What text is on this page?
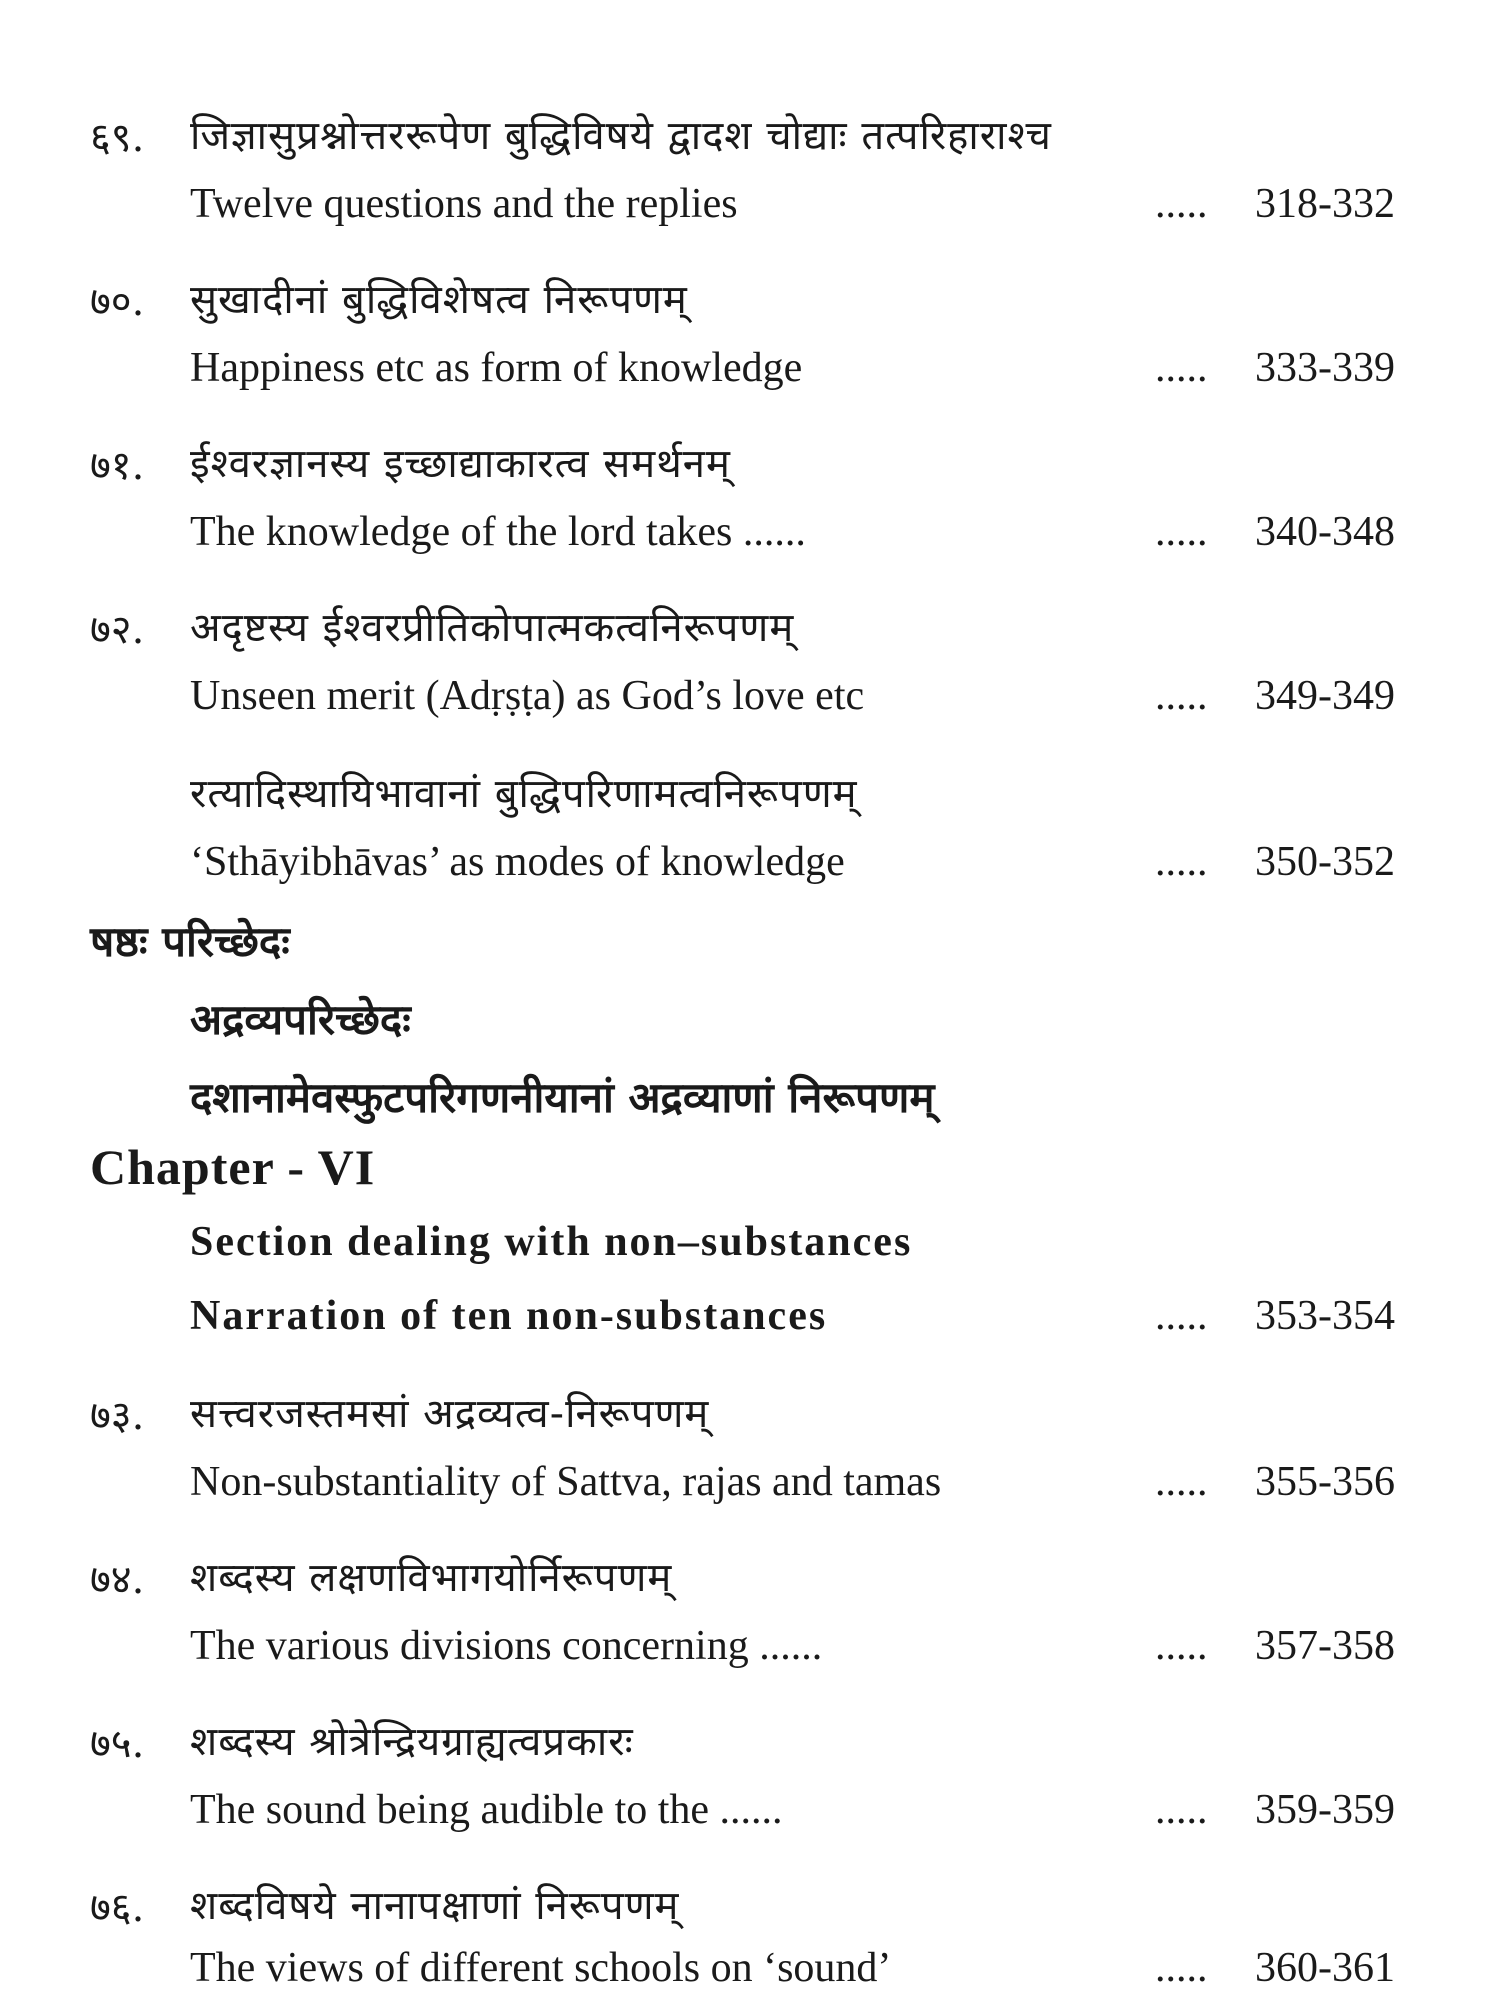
६९. जिज्ञासुप्रश्नोत्तररूपेण बुद्धिविषये द्वादश चोद्याः तत्परिहाराश्च
Twelve questions and the replies	..... 318-332
७०. सुखादीनां बुद्धिविशेषत्व निरूपणम्
Happiness etc as form of knowledge	..... 333-339
७१. ईश्वरज्ञानस्य इच्छाद्याकारत्व समर्थनम्
The knowledge of the lord takes ......	..... 340-348
७२. अदृष्टस्य ईश्वरप्रीतिकोपात्मकत्वनिरूपणम्
Unseen merit (Adṛṣṭa) as God’s love etc	..... 349-349
रत्यादिस्थायिभावानां बुद्धिपरिणामत्वनिरूपणम्
‘Sthāyibhāvas’ as modes of knowledge	..... 350-352
षष्ठः परिच्छेदः
अद्रव्यपरिच्छेदः
दशानामेवस्फुटपरिगणनीयानां अद्रव्याणां निरूपणम्
Chapter - VI
Section dealing with non–substances
Narration of ten non-substances	..... 353-354
७३. सत्त्वरजस्तमसां अद्रव्यत्व-निरूपणम्
Non-substantiality of Sattva, rajas and tamas	..... 355-356
७४. शब्दस्य लक्षणविभागयोर्निरूपणम्
The various divisions concerning ......	..... 357-358
७५. शब्दस्य श्रोत्रेन्द्रियग्राह्यत्वप्रकारः
The sound being audible to the ......	..... 359-359
७६. शब्दविषये नानापक्षाणां निरूपणम्
The views of different schools on ‘sound’	..... 360-361
